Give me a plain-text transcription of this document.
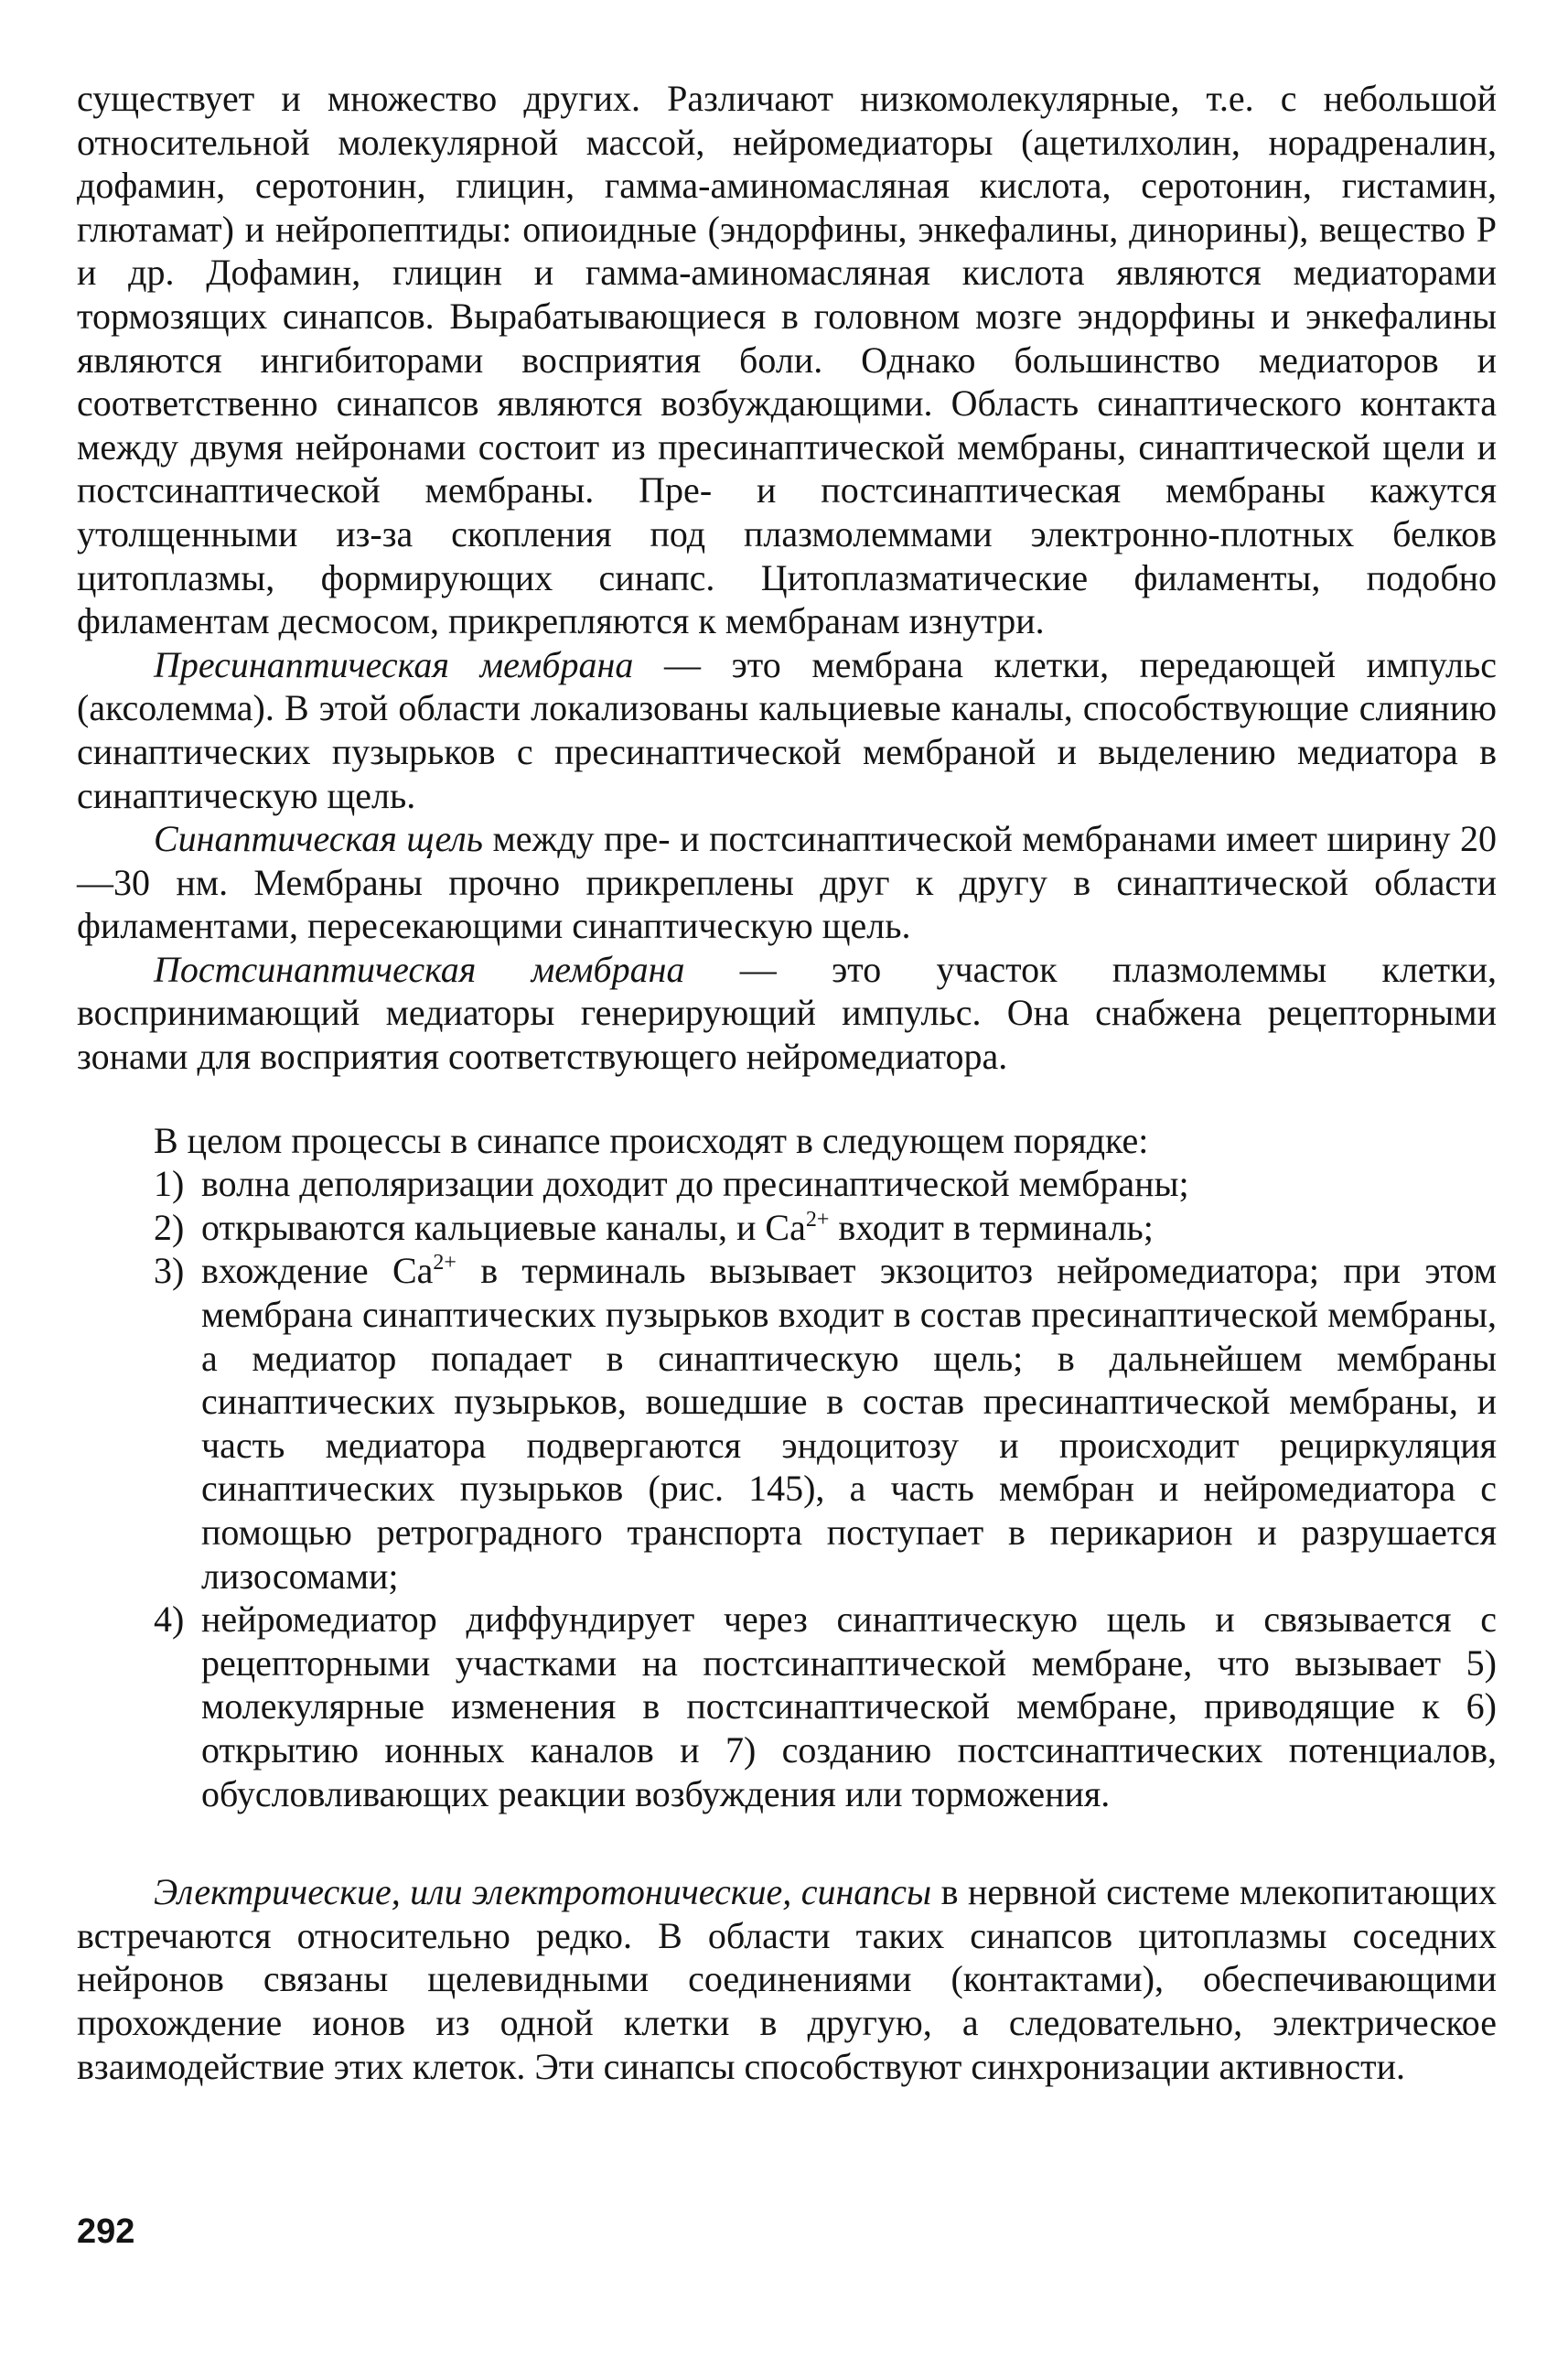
существует и множество других. Различают низкомолекулярные, т.е. с небольшой относительной молекулярной массой, нейромедиаторы (ацетилхолин, норадреналин, дофамин, серотонин, глицин, гамма-аминомасляная кислота, серотонин, гистамин, глютамат) и нейропептиды: опиоидные (эндорфины, энкефалины, динорины), вещество Р и др. Дофамин, глицин и гамма-аминомасляная кислота являются медиаторами тормозящих синапсов. Вырабатывающиеся в головном мозге эндорфины и энкефалины являются ингибиторами восприятия боли. Однако большинство медиаторов и соответственно синапсов являются возбуждающими. Область синаптического контакта между двумя нейронами состоит из пресинаптической мембраны, синаптической щели и постсинаптической мембраны. Пре- и постсинаптическая мембраны кажутся утолщенными из-за скопления под плазмолеммами электронно-плотных белков цитоплазмы, формирующих синапс. Цитоплазматические филаменты, подобно филаментам десмосом, прикрепляются к мембранам изнутри.

Пресинаптическая мембрана — это мембрана клетки, передающей импульс (аксолемма). В этой области локализованы кальциевые каналы, способствующие слиянию синаптических пузырьков с пресинаптической мембраной и выделению медиатора в синаптическую щель.

Синаптическая щель между пре- и постсинаптической мембранами имеет ширину 20—30 нм. Мембраны прочно прикреплены друг к другу в синаптической области филаментами, пересекающими синаптическую щель.

Постсинаптическая мембрана — это участок плазмолеммы клетки, воспринимающий медиаторы генерирующий импульс. Она снабжена рецепторными зонами для восприятия соответствующего нейромедиатора.

В целом процессы в синапсе происходят в следующем порядке:

1) волна деполяризации доходит до пресинаптической мембраны;
2) открываются кальциевые каналы, и $Ca^{2+}$ входит в терминаль;
3) вхождение $Ca^{2+}$ в терминаль вызывает экзоцитоз нейромедиатора; при этом мембрана синаптических пузырьков входит в состав пресинаптической мембраны, а медиатор попадает в синаптическую щель; в дальнейшем мембраны синаптических пузырьков, вошедшие в состав пресинаптической мембраны, и часть медиатора подвергаются эндоцитозу и происходит рециркуляция синаптических пузырьков (рис. 145), а часть мембран и нейромедиатора с помощью ретроградного транспорта поступает в перикарион и разрушается лизосомами;
4) нейромедиатор диффундирует через синаптическую щель и связывается с рецепторными участками на постсинаптической мембране, что вызывает 5) молекулярные изменения в постсинаптической мембране, приводящие к 6) открытию ионных каналов и 7) созданию постсинаптических потенциалов, обусловливающих реакции возбуждения или торможения.

Электрические, или электротонические, синапсы в нервной системе млекопитающих встречаются относительно редко. В области таких синапсов цитоплазмы соседних нейронов связаны щелевидными соединениями (контактами), обеспечивающими прохождение ионов из одной клетки в другую, а следовательно, электрическое взаимодействие этих клеток. Эти синапсы способствуют синхронизации активности.

292
